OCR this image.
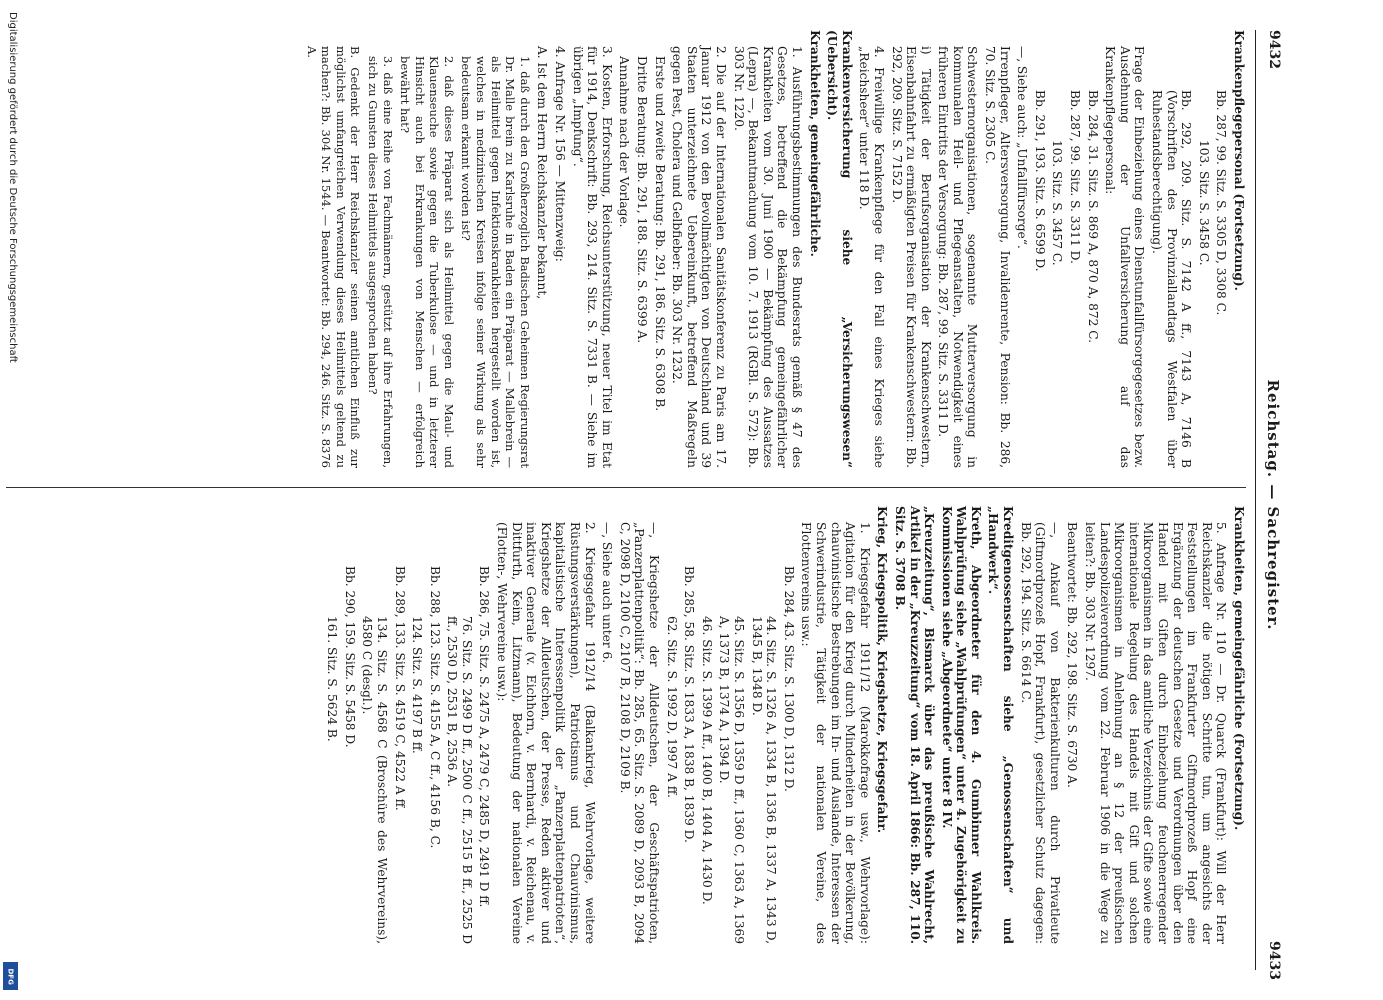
9432
Reichstag. — Sachregister.
9433

Krankenpflegepersonal (Fortsetzung).

Bb. 287, 99. Sitz. S. 3305 D, 3308 C.

103. Sitz. S. 3458 C.

Bb. 292, 209. Sitz. S. 7142 A ff., 7143 A, 7146 B (Vorschriften des Provinziallandtags Westfalen über Ruhestandsberechtigung).

Frage der Einbeziehung eines Dienstunfallfürsorgegesetzes bezw. Ausdehnung der Unfallversicherung auf das Krankenpflegepersonal:

Bb. 284, 31. Sitz. S. 869 A, 870 A, 872 C.

Bb. 287, 99. Sitz. S. 3311 D.

103. Sitz. S. 3457 C.

Bb. 291, 193. Sitz. S. 6599 D.

—, Siehe auch: „Unfallfürsorge“.

Irrenpfleger, Altersversorgung, Invalidenrente, Pension: Bb. 286, 70. Sitz. S. 2305 C.

Schwesternorganisationen, sogenannte Mutterversorgung in kommunalen Heil- und Pflegeanstalten, Notwendigkeit eines früheren Eintritts der Versorgung: Bb. 287, 99. Sitz. S. 3311 D.

i) Tätigkeit der Berufsorganisation der Krankenschwestern, Eisenbahnfahrt zu ermäßigten Preisen für Krankenschwestern: Bb. 292, 209. Sitz. S. 7152 D.

4. Freiwillige Krankenpflege für den Fall eines Krieges siehe „Reichsheer“ unter 118 D.

Krankenversicherung siehe „Versicherungswesen“ (Uebersicht).

Krankheiten, gemeingefährliche.

1. Ausführungsbestimmungen des Bundesrats gemäß § 47 des Gesetzes, betreffend die Bekämpfung gemeingefährlicher Krankheiten vom 30. Juni 1900 — Bekämpfung des Aussatzes (Lepra) —, Bekanntmachung vom 10. 7. 1913 (RGBl. S. 572): Bb. 303 Nr. 1220.

2. Die auf der Internationalen Sanitätskonferenz zu Paris am 17. Januar 1912 von den Bevollmächtigten von Deutschland und 39 Staaten unterzeichnete Uebereinkunft, betreffend Maßregeln gegen Pest, Cholera und Gelbfieber: Bb. 303 Nr. 1232.

Erste und zweite Beratung: Bb. 291, 186. Sitz. S. 6308 B.

Dritte Beratung: Bb. 291, 188. Sitz. S. 6399 A.

Annahme nach der Vorlage.

3. Kosten, Erforschung, Reichsunterstützung, neuer Titel im Etat für 1914, Denkschrift: Bb. 293, 214. Sitz. S. 7331 B. — Siehe im übrigen „Impfung“.

4. Anfrage Nr. 156 — Mittenzweig:

A. Ist dem Herrn Reichskanzler bekannt,

1. daß durch den Großherzoglich Badischen Geheimen Regierungsrat Dr. Malle brein zu Karlsruhe in Baden ein Präparat — Mallebrein — als Heilmittel gegen Infektionskrankheiten hergestellt worden ist, welches in medizinischen Kreisen infolge seiner Wirkung als sehr bedeutsam erkannt worden ist?

2. daß dieses Präparat sich als Heilmittel gegen die Maul- und Klauenseuche sowie gegen die Tuberkulose — und in letzterer Hinsicht auch bei Erkrankungen von Menschen — erfolgreich bewährt hat?

3. daß eine Reihe von Fachmännern, gestützt auf ihre Erfahrungen, sich zu Gunsten dieses Heilmittels ausgesprochen haben?

B. Gedenkt der Herr Reichskanzler seinen amtlichen Einfluß zur möglichst umfangreichen Verwendung dieses Heilmittels geltend zu machen?: Bb. 304 Nr. 1544. — Beantwortet: Bb. 294, 246. Sitz. S. 8376 A.

Krankheiten, gemeingefährliche (Fortsetzung).

5. Anfrage Nr. 110 — Dr. Quarck (Frankfurt): Will der Herr Reichskanzler die nötigen Schritte tun, um angesichts der Feststellungen im Frankfurter Giftmordprozeß Hopf eine Ergänzung der deutschen Gesetze und Verordnungen über den Handel mit Giften durch Einbeziehung feuchenerregender Mikroorganismen in das amtliche Verzeichnis der Gifte sowie eine internationale Regelung des Handels mit Gift und solchen Mikroorganismen in Anlehnung an § 12 der preußischen Landespolizeiverordnung vom 22. Februar 1906 in die Wege zu leiten?: Bb. 303 Nr. 1297.

Beantwortet: Bb. 292, 198. Sitz. S. 6730 A.

—, Ankauf von Bakterienkulturen durch Privatleute (Giftmordprozeß Hopf, Frankfurt), gesetzlicher Schutz dagegen: Bb. 292, 194. Sitz. S. 6614 C.

Kreditgenossenschaften siehe „Genossenschaften“ und „Handwerk“.

Kreth, Abgeordneter für den 4. Gumbinner Wahlkreis. Wahlprüfung siehe „Wahlprüfungen“ unter 4. Zugehörigkeit zu Kommissionen siehe „Abgeordnete“ unter 8 IV.

„Kreuzzeitung“, Bismarck über das preußische Wahlrecht, Artikel in der „Kreuzzeitung“ vom 18. April 1866: Bb. 287, 110. Sitz. S. 3708 B.

Krieg, Kriegspolitik, Kriegshetze, Kriegsgefahr.

1. Kriegsgefahr 1911/12 (Marokkofrage usw., Wehrvorlage): Agitation für den Krieg durch Minderheiten in der Bevölkerung, chauvinistische Bestrebungen im In- und Auslande, Interessen der Schwerindustrie, Tätigkeit der nationalen Vereine, des Flottenvereins usw.:

Bb. 284, 43. Sitz. S. 1300 D, 1312 D.

44. Sitz. S. 1326 A, 1334 B, 1336 B, 1337 A, 1343 D, 1345 B, 1348 D.

45. Sitz. S. 1356 D, 1359 D ff., 1360 C, 1363 A, 1369 A, 1373 B, 1374 A, 1394 D.

46. Sitz. S. 1399 A ff., 1400 B, 1404 A, 1430 D.

Bb. 285, 58. Sitz. S. 1833 A, 1838 B, 1839 D.

62. Sitz. S. 1992 D, 1997 A ff.

—, Kriegshetze der Alldeutschen, der Geschäftspatrioten, „Panzerplattenpolitik“: Bb. 285, 65. Sitz. S. 2089 D, 2093 B, 2094 C, 2098 D, 2100 C, 2107 B, 2108 D, 2109 B.

—, Siehe auch unter 6.

2. Kriegsgefahr 1912/14 (Balkankrieg, Wehrvorlage, weitere Rüstungsverstärkungen), Patriotismus und Chauvinismus, kapitalistische Interessenpolitik der „Panzerplattenpatrioten“, Kriegshetze der Alldeutschen, der Presse, Reden aktiver und inaktiver Generale (v. Eichhorn, v. Bernhardi, v. Reichenau, v. Dittfurth, Keim, Litzmann), Bedeutung der nationalen Vereine (Flotten-, Wehrvereine usw.):

Bb. 286, 75. Sitz. S. 2475 A, 2479 C, 2485 D, 2491 D ff.

76. Sitz. S. 2499 D ff., 2500 C ff., 2515 B ff., 2525 D ff., 2530 D, 2531 B, 2536 A.

Bb. 288, 123. Sitz. S. 4155 A, C ff., 4156 B, C.

124. Sitz. S. 4197 B ff.

Bb. 289, 133. Sitz. S. 4519 C, 4522 A ff.

134. Sitz. S. 4568 C (Broschüre des Wehrvereins), 4580 C (desgl.).

Bb. 290, 159. Sitz. S. 5458 D.

161. Sitz. S. 5624 B.

Digitalisierung gefördert durch die Deutsche Forschungsgemeinschaft
DFG
